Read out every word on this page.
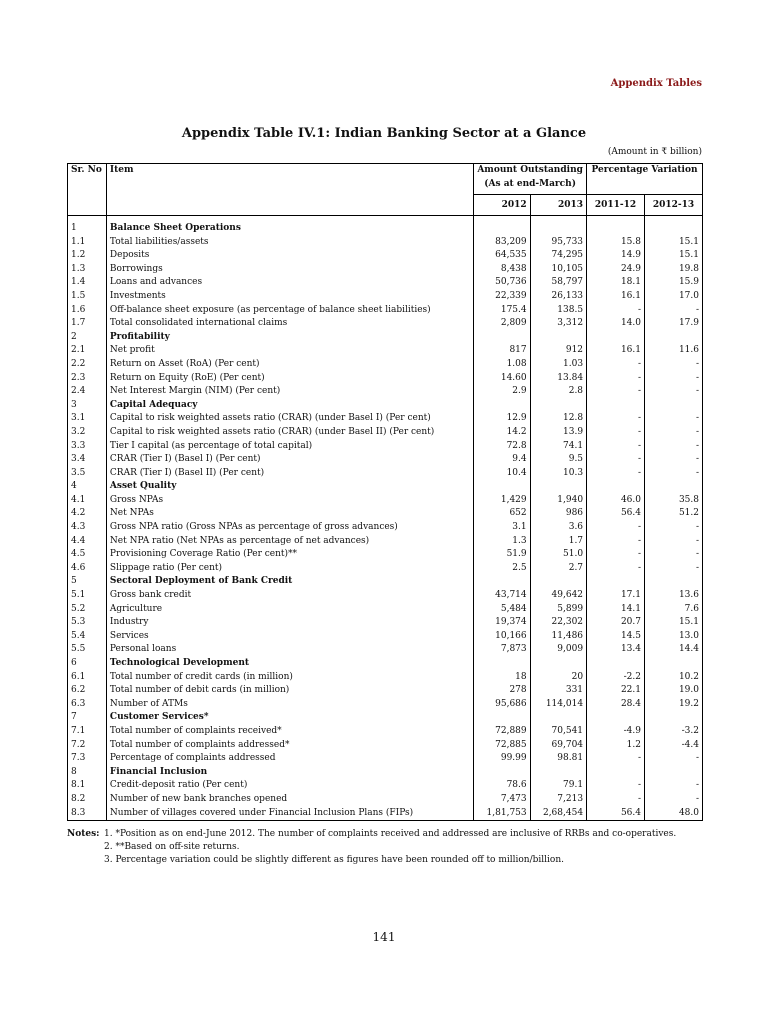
Appendix Tables
Appendix Table IV.1: Indian Banking Sector at a Glance
(Amount in ₹ billion)
Sr. No	Item	Amount Outstanding (As at end-March)		Percentage Variation	
		2012	2013	2011-12	2012-13

1	Balance Sheet Operations				
1.1	Total liabilities/assets	83,209	95,733	15.8	15.1
1.2	Deposits	64,535	74,295	14.9	15.1
1.3	Borrowings	8,438	10,105	24.9	19.8
1.4	Loans and advances	50,736	58,797	18.1	15.9
1.5	Investments	22,339	26,133	16.1	17.0
1.6	Off-balance sheet exposure (as percentage of balance sheet liabilities)	175.4	138.5	-	-
1.7	Total consolidated international claims	2,809	3,312	14.0	17.9
2	Profitability				
2.1	Net profit	817	912	16.1	11.6
2.2	Return on Asset (RoA) (Per cent)	1.08	1.03	-	-
2.3	Return on Equity (RoE) (Per cent)	14.60	13.84	-	-
2.4	Net Interest Margin (NIM) (Per cent)	2.9	2.8	-	-
3	Capital Adequacy				
3.1	Capital to risk weighted assets ratio (CRAR) (under Basel I) (Per cent)	12.9	12.8	-	-
3.2	Capital to risk weighted assets ratio (CRAR) (under Basel II) (Per cent)	14.2	13.9	-	-
3.3	Tier I capital (as percentage of total capital)	72.8	74.1	-	-
3.4	CRAR (Tier I) (Basel I) (Per cent)	9.4	9.5	-	-
3.5	CRAR (Tier I) (Basel II) (Per cent)	10.4	10.3	-	-
4	Asset Quality				
4.1	Gross NPAs	1,429	1,940	46.0	35.8
4.2	Net NPAs	652	986	56.4	51.2
4.3	Gross NPA ratio (Gross NPAs as percentage of gross advances)	3.1	3.6	-	-
4.4	Net NPA ratio (Net NPAs as percentage of net advances)	1.3	1.7	-	-
4.5	Provisioning Coverage Ratio (Per cent)**	51.9	51.0	-	-
4.6	Slippage ratio (Per cent)	2.5	2.7	-	-
5	Sectoral Deployment of Bank Credit				
5.1	Gross bank credit	43,714	49,642	17.1	13.6
5.2	Agriculture	5,484	5,899	14.1	7.6
5.3	Industry	19,374	22,302	20.7	15.1
5.4	Services	10,166	11,486	14.5	13.0
5.5	Personal loans	7,873	9,009	13.4	14.4
6	Technological Development				
6.1	Total number of credit cards (in million)	18	20	-2.2	10.2
6.2	Total number of debit cards (in million)	278	331	22.1	19.0
6.3	Number of ATMs	95,686	114,014	28.4	19.2
7	Customer Services*				
7.1	Total number of complaints received*	72,889	70,541	-4.9	-3.2
7.2	Total number of complaints addressed*	72,885	69,704	1.2	-4.4
7.3	Percentage of complaints addressed	99.99	98.81	-	-
8	Financial Inclusion				
8.1	Credit-deposit ratio (Per cent)	78.6	79.1	-	-
8.2	Number of new bank branches opened	7,473	7,213	-	-
8.3	Number of villages covered under Financial Inclusion Plans (FIPs)	1,81,753	2,68,454	56.4	48.0
Notes: 1. *Position as on end-June 2012. The number of complaints received and addressed are inclusive of RRBs and co-operatives.
2. **Based on off-site returns.
3. Percentage variation could be slightly different as figures have been rounded off to million/billion.
141
